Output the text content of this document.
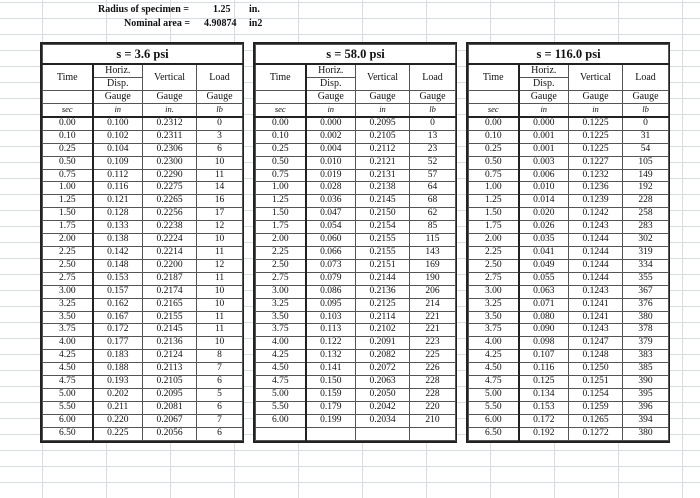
Radius of specimen = 1.25 in.
Nominal area = 4.90874 in2
s = 3.6 psi			
Time	Horiz.	Vertical	Load
	Disp.		
	Gauge	Gauge	Gauge
sec	in	in.	lb
0.00	0.100	0.2312	0
0.10	0.102	0.2311	3
0.25	0.104	0.2306	6
0.50	0.109	0.2300	10
0.75	0.112	0.2290	11
1.00	0.116	0.2275	14
1.25	0.121	0.2265	16
1.50	0.128	0.2256	17
1.75	0.133	0.2238	12
2.00	0.138	0.2224	10
2.25	0.142	0.2214	11
2.50	0.148	0.2200	12
2.75	0.153	0.2187	11
3.00	0.157	0.2174	10
3.25	0.162	0.2165	10
3.50	0.167	0.2155	11
3.75	0.172	0.2145	11
4.00	0.177	0.2136	10
4.25	0.183	0.2124	8
4.50	0.188	0.2113	7
4.75	0.193	0.2105	6
5.00	0.202	0.2095	5
5.50	0.211	0.2081	6
6.00	0.220	0.2067	7
6.50	0.225	0.2056	6
s = 58.0 psi			
Time	Horiz.	Vertical	Load
	Disp.		
	Gauge	Gauge	Gauge
sec	in	in	lb
0.00	0.000	0.2095	0
0.10	0.002	0.2105	13
0.25	0.004	0.2112	23
0.50	0.010	0.2121	52
0.75	0.019	0.2131	57
1.00	0.028	0.2138	64
1.25	0.036	0.2145	68
1.50	0.047	0.2150	62
1.75	0.054	0.2154	85
2.00	0.060	0.2155	115
2.25	0.066	0.2155	143
2.50	0.073	0.2151	169
2.75	0.079	0.2144	190
3.00	0.086	0.2136	206
3.25	0.095	0.2125	214
3.50	0.103	0.2114	221
3.75	0.113	0.2102	221
4.00	0.122	0.2091	223
4.25	0.132	0.2082	225
4.50	0.141	0.2072	226
4.75	0.150	0.2063	228
5.00	0.159	0.2050	228
5.50	0.179	0.2042	220
6.00	0.199	0.2034	210

s = 116.0 psi			
Time	Horiz.	Vertical	Load
	Disp.		
	Gauge	Gauge	Gauge
sec	in	in	lb
0.00	0.000	0.1225	0
0.10	0.001	0.1225	31
0.25	0.001	0.1225	54
0.50	0.003	0.1227	105
0.75	0.006	0.1232	149
1.00	0.010	0.1236	192
1.25	0.014	0.1239	228
1.50	0.020	0.1242	258
1.75	0.026	0.1243	283
2.00	0.035	0.1244	302
2.25	0.041	0.1244	319
2.50	0.049	0.1244	334
2.75	0.055	0.1244	355
3.00	0.063	0.1243	367
3.25	0.071	0.1241	376
3.50	0.080	0.1241	380
3.75	0.090	0.1243	378
4.00	0.098	0.1247	379
4.25	0.107	0.1248	383
4.50	0.116	0.1250	385
4.75	0.125	0.1251	390
5.00	0.134	0.1254	395
5.50	0.153	0.1259	396
6.00	0.172	0.1265	394
6.50	0.192	0.1272	380
